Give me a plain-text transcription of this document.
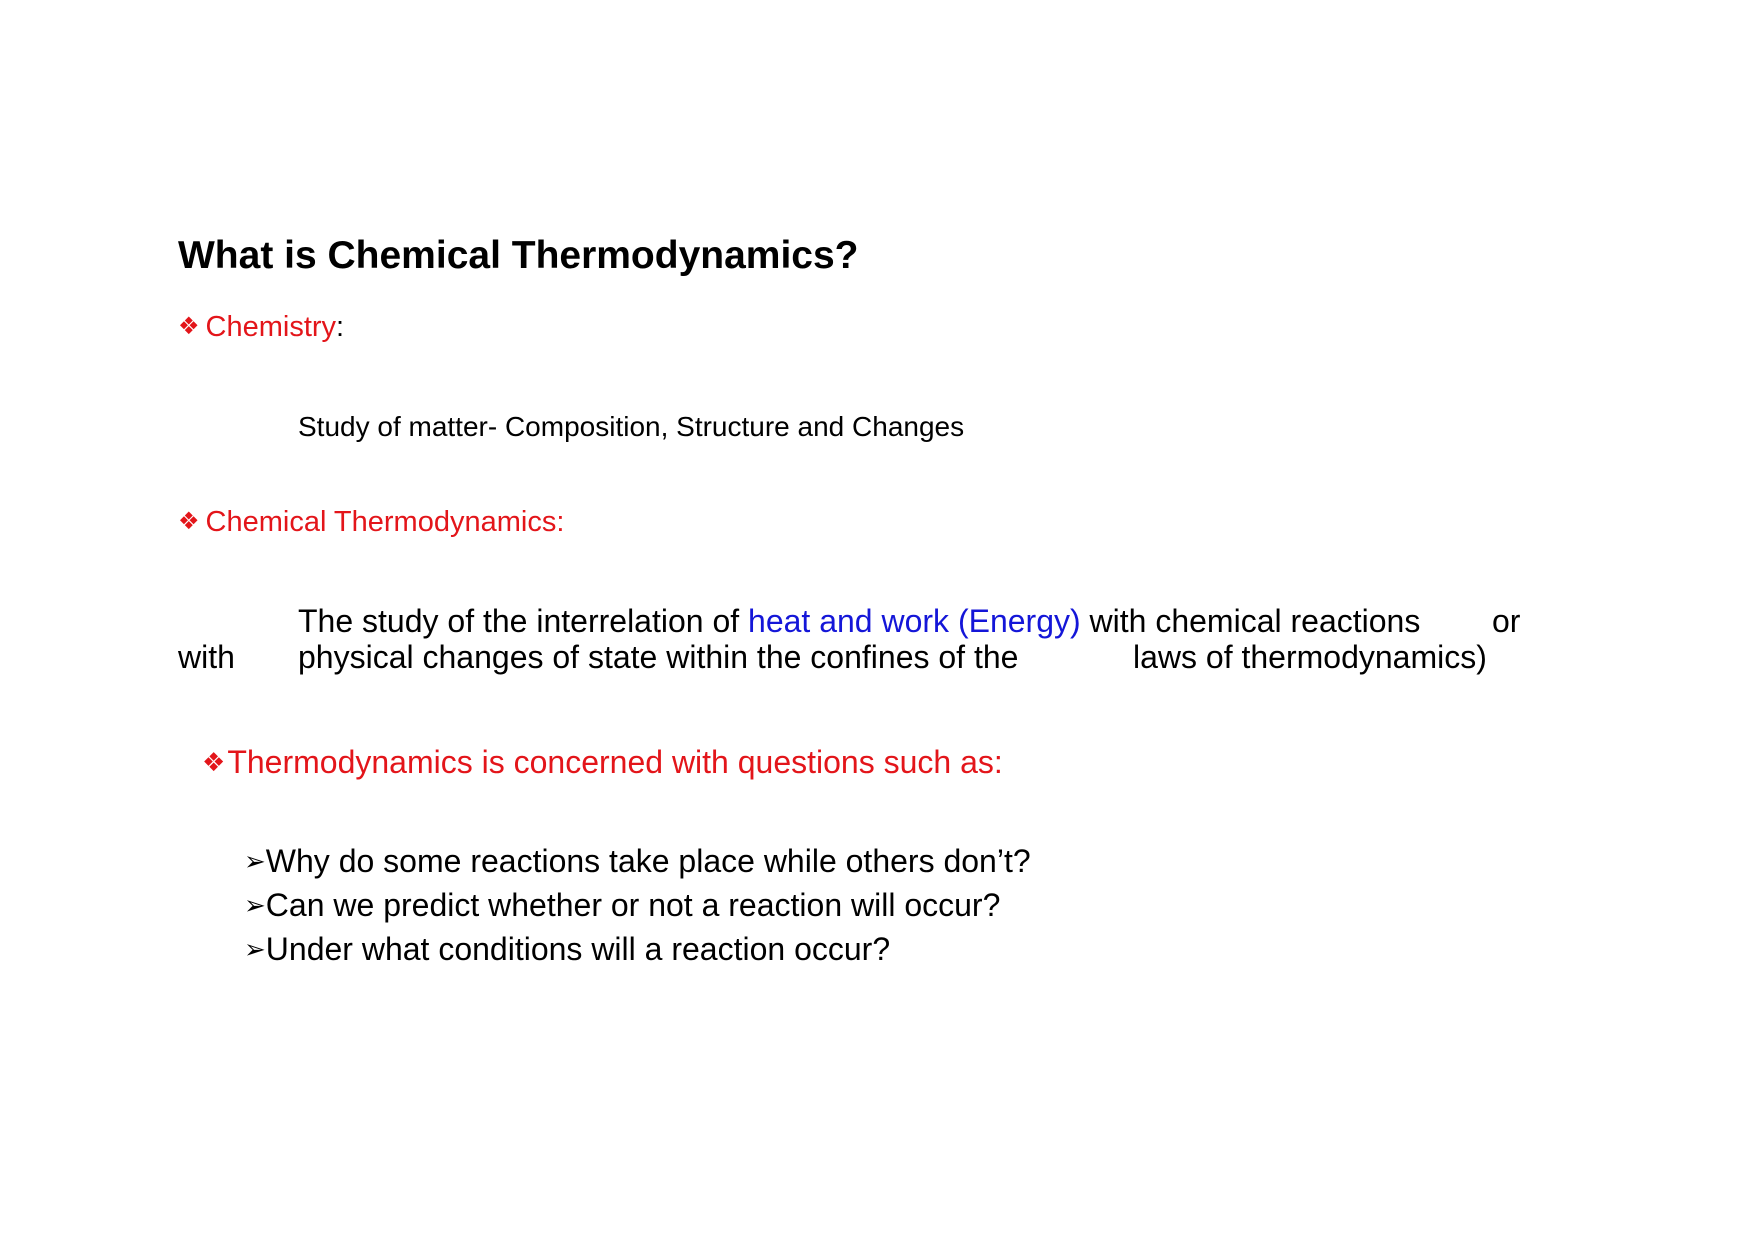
What is Chemical Thermodynamics?
❖ Chemistry:
Study of matter- Composition, Structure and Changes
❖ Chemical Thermodynamics:
The study of the interrelation of heat and work (Energy) with chemical reactions or
with physical changes of state within the confines of the	laws of thermodynamics)
❖Thermodynamics is concerned with questions such as:
➢Why do some reactions take place while others don’t?
➢Can we predict whether or not a reaction will occur?
➢Under what conditions will a reaction occur?
